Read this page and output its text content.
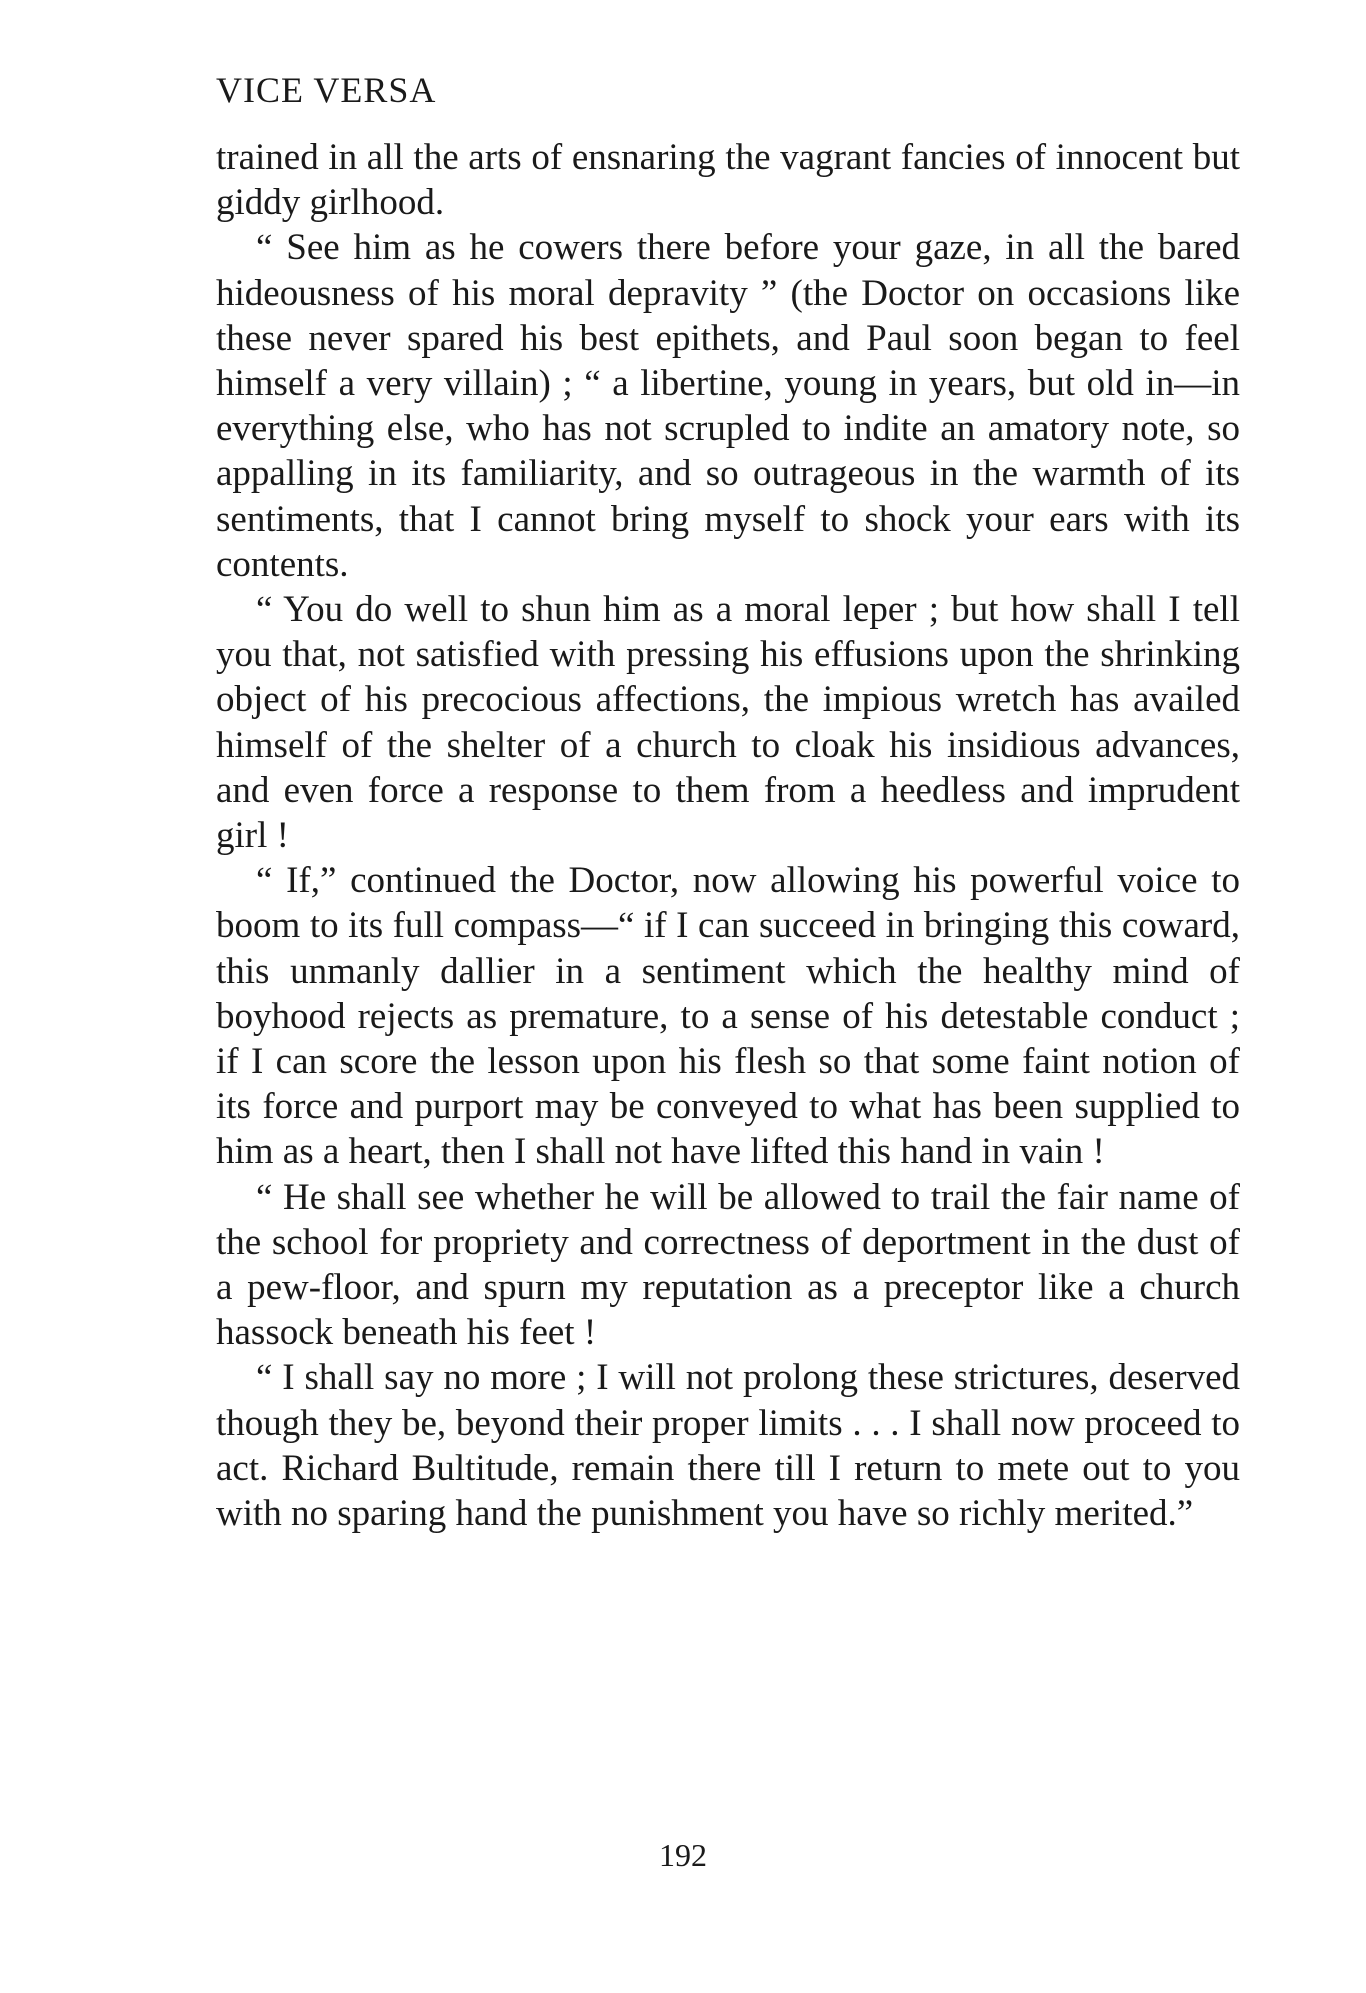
VICE VERSA

trained in all the arts of ensnaring the vagrant fancies of innocent but giddy girlhood.

“ See him as he cowers there before your gaze, in all the bared hideousness of his moral depravity ” (the Doctor on occasions like these never spared his best epithets, and Paul soon began to feel himself a very villain) ; “ a libertine, young in years, but old in—in everything else, who has not scrupled to indite an amatory note, so appalling in its familiarity, and so outrageous in the warmth of its sentiments, that I cannot bring myself to shock your ears with its contents.

“ You do well to shun him as a moral leper ; but how shall I tell you that, not satisfied with pressing his effusions upon the shrinking object of his precocious affections, the impious wretch has availed himself of the shelter of a church to cloak his insidious advances, and even force a response to them from a heedless and imprudent girl !

“ If,” continued the Doctor, now allowing his powerful voice to boom to its full compass—“ if I can succeed in bringing this coward, this unmanly dallier in a sentiment which the healthy mind of boyhood rejects as premature, to a sense of his detestable conduct ; if I can score the lesson upon his flesh so that some faint notion of its force and purport may be conveyed to what has been supplied to him as a heart, then I shall not have lifted this hand in vain !

“ He shall see whether he will be allowed to trail the fair name of the school for propriety and correctness of deportment in the dust of a pew-floor, and spurn my reputation as a preceptor like a church hassock beneath his feet !

“ I shall say no more ; I will not prolong these strictures, deserved though they be, beyond their proper limits . . . I shall now proceed to act. Richard Bultitude, remain there till I return to mete out to you with no sparing hand the punishment you have so richly merited.”

192
